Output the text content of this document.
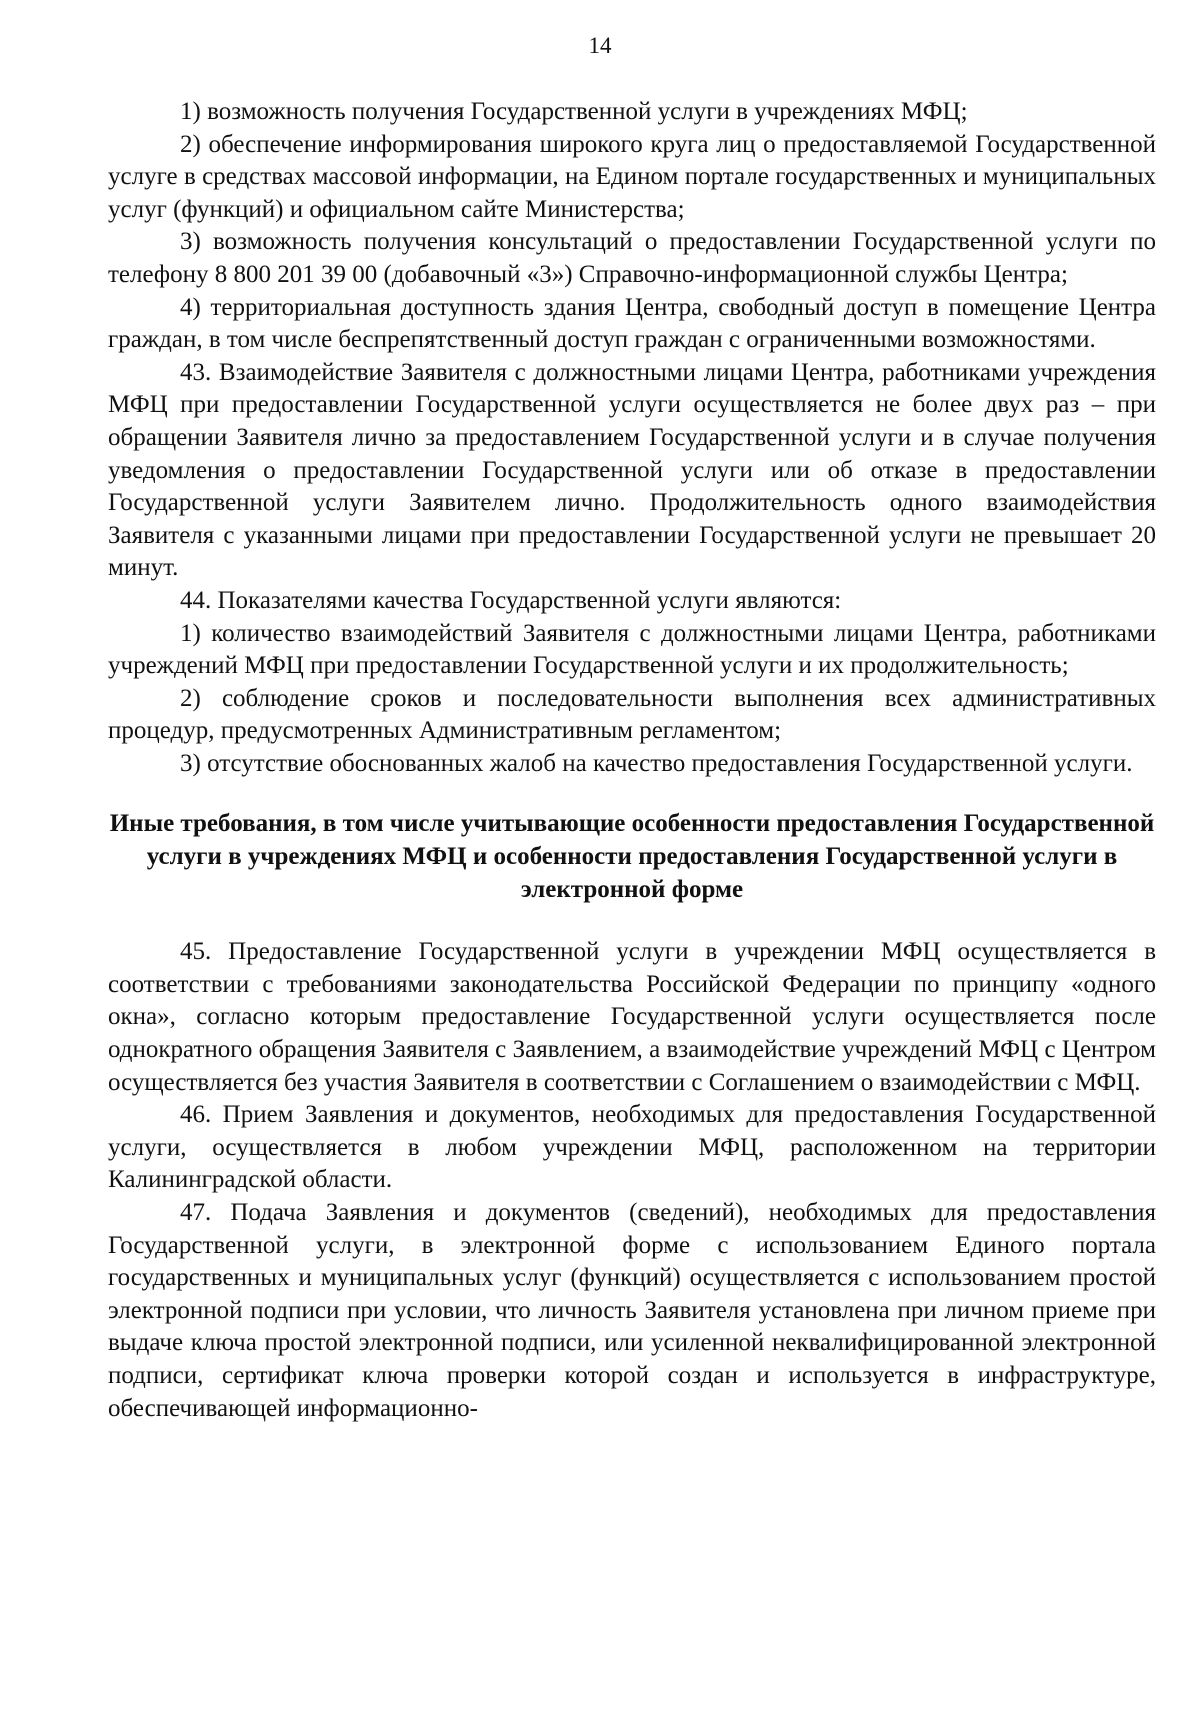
14

1) возможность получения Государственной услуги в учреждениях МФЦ;

2) обеспечение информирования широкого круга лиц о предоставляемой Государственной услуге в средствах массовой информации, на Едином портале государственных и муниципальных услуг (функций) и официальном сайте Министерства;

3) возможность получения консультаций о предоставлении Государственной услуги по телефону 8 800 201 39 00 (добавочный «3») Справочно-информационной службы Центра;

4) территориальная доступность здания Центра, свободный доступ в помещение Центра граждан, в том числе беспрепятственный доступ граждан с ограниченными возможностями.

43. Взаимодействие Заявителя с должностными лицами Центра, работниками учреждения МФЦ при предоставлении Государственной услуги осуществляется не более двух раз – при обращении Заявителя лично за предоставлением Государственной услуги и в случае получения уведомления о предоставлении Государственной услуги или об отказе в предоставлении Государственной услуги Заявителем лично. Продолжительность одного взаимодействия Заявителя с указанными лицами при предоставлении Государственной услуги не превышает 20 минут.

44. Показателями качества Государственной услуги являются:

1) количество взаимодействий Заявителя с должностными лицами Центра, работниками учреждений МФЦ при предоставлении Государственной услуги и их продолжительность;

2) соблюдение сроков и последовательности выполнения всех административных процедур, предусмотренных Административным регламентом;

3) отсутствие обоснованных жалоб на качество предоставления Государственной услуги.

Иные требования, в том числе учитывающие особенности предоставления Государственной услуги в учреждениях МФЦ и особенности предоставления Государственной услуги в электронной форме

45. Предоставление Государственной услуги в учреждении МФЦ осуществляется в соответствии с требованиями законодательства Российской Федерации по принципу «одного окна», согласно которым предоставление Государственной услуги осуществляется после однократного обращения Заявителя с Заявлением, а взаимодействие учреждений МФЦ с Центром осуществляется без участия Заявителя в соответствии с Соглашением о взаимодействии с МФЦ.

46. Прием Заявления и документов, необходимых для предоставления Государственной услуги, осуществляется в любом учреждении МФЦ, расположенном на территории Калининградской области.

47. Подача Заявления и документов (сведений), необходимых для предоставления Государственной услуги, в электронной форме с использованием Единого портала государственных и муниципальных услуг (функций) осуществляется с использованием простой электронной подписи при условии, что личность Заявителя установлена при личном приеме при выдаче ключа простой электронной подписи, или усиленной неквалифицированной электронной подписи, сертификат ключа проверки которой создан и используется в инфраструктуре, обеспечивающей информационно-
